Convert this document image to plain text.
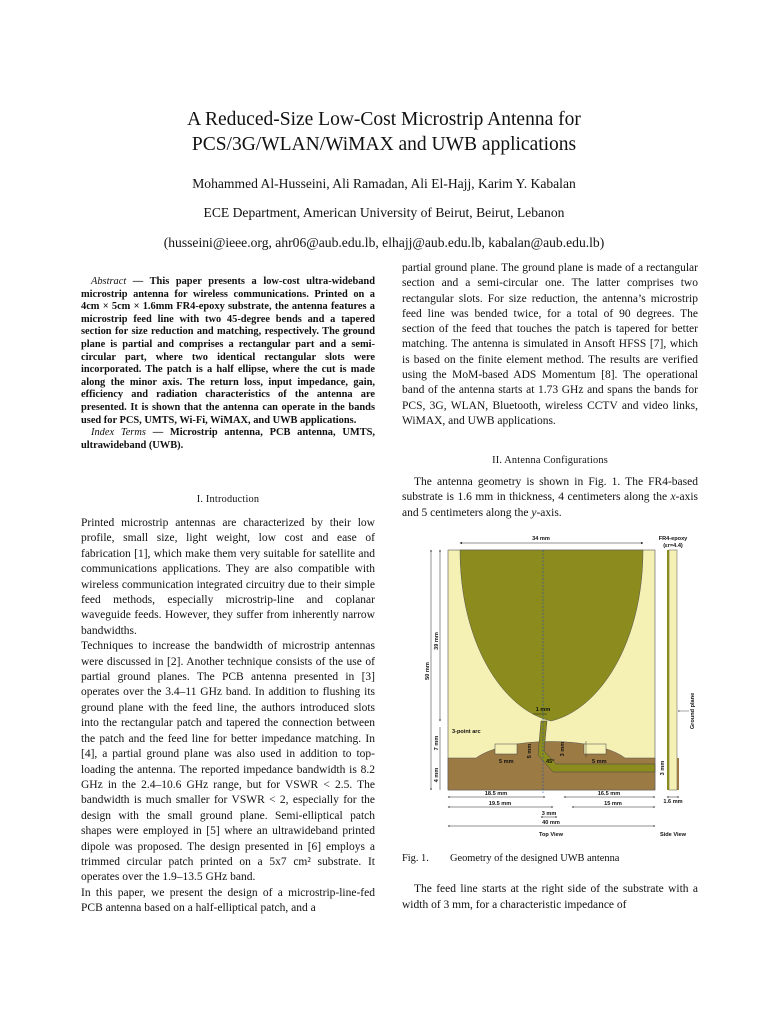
A Reduced-Size Low-Cost Microstrip Antenna for
PCS/3G/WLAN/WiMAX and UWB applications
Mohammed Al-Husseini, Ali Ramadan, Ali El-Hajj, Karim Y. Kabalan
ECE Department, American University of Beirut, Beirut, Lebanon
(husseini@ieee.org, ahr06@aub.edu.lb, elhajj@aub.edu.lb, kabalan@aub.edu.lb)

Abstract — This paper presents a low-cost ultra-wideband microstrip antenna for wireless communications. Printed on a 4cm × 5cm × 1.6mm FR4-epoxy substrate, the antenna features a microstrip feed line with two 45-degree bends and a tapered section for size reduction and matching, respectively. The ground plane is partial and comprises a rectangular part and a semi-circular part, where two identical rectangular slots were incorporated. The patch is a half ellipse, where the cut is made along the minor axis. The return loss, input impedance, gain, efficiency and radiation characteristics of the antenna are presented. It is shown that the antenna can operate in the bands used for PCS, UMTS, Wi-Fi, WiMAX, and UWB applications.

Index Terms — Microstrip antenna, PCB antenna, UMTS, ultrawideband (UWB).

I. Introduction

Printed microstrip antennas are characterized by their low profile, small size, light weight, low cost and ease of fabrication [1], which make them very suitable for satellite and communications applications. They are also compatible with wireless communication integrated circuitry due to their simple feed methods, especially microstrip-line and coplanar waveguide feeds. However, they suffer from inherently narrow bandwidths.

Techniques to increase the bandwidth of microstrip antennas were discussed in [2]. Another technique consists of the use of partial ground planes. The PCB antenna presented in [3] operates over the 3.4–11 GHz band. In addition to flushing its ground plane with the feed line, the authors introduced slots into the rectangular patch and tapered the connection between the patch and the feed line for better impedance matching. In [4], a partial ground plane was also used in addition to top-loading the antenna. The reported impedance bandwidth is 8.2 GHz in the 2.4–10.6 GHz range, but for VSWR < 2.5. The bandwidth is much smaller for VSWR < 2, especially for the design with the small ground plane. Semi-elliptical patch shapes were employed in [5] where an ultrawideband printed dipole was proposed. The design presented in [6] employs a trimmed circular patch printed on a 5x7 cm² substrate. It operates over the 1.9–13.5 GHz band.

In this paper, we present the design of a microstrip-line-fed PCB antenna based on a half-elliptical patch, and a

partial ground plane. The ground plane is made of a rectangular section and a semi-circular one. The latter comprises two rectangular slots. For size reduction, the antenna’s microstrip feed line was bended twice, for a total of 90 degrees. The section of the feed that touches the patch is tapered for better matching. The antenna is simulated in Ansoft HFSS [7], which is based on the finite element method. The results are verified using the MoM-based ADS Momentum [8]. The operational band of the antenna starts at 1.73 GHz and spans the bands for PCS, 3G, WLAN, Bluetooth, wireless CCTV and video links, WiMAX, and UWB applications.

II. Antenna Configurations

The antenna geometry is shown in Fig. 1. The FR4-based substrate is 1.6 mm in thickness, 4 centimeters along the x-axis and 5 centimeters along the y-axis.

34 mm	FR4-epoxy
(εr=4.4)
39 mm
50 mm
7 mm
4 mm
1 mm
3-point arc
5 mm	5 mm
3 mm
5 mm
3 mm
18.5 mm
19.5 mm
16.5 mm
15 mm
3 mm
40 mm
45°
Ground plane
1.6 mm
Top View	Side View
Fig. 1. Geometry of the designed UWB antenna

The feed line starts at the right side of the substrate with a width of 3 mm, for a characteristic impedance of
